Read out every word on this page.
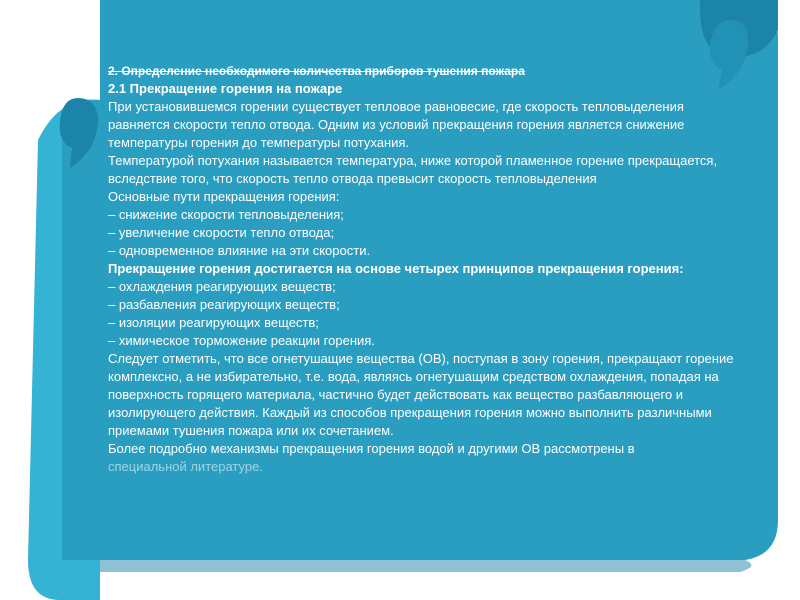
2. Определение необходимого количества приборов тушения пожара

2.1 Прекращение горения на пожаре

При установившемся горении существует тепловое равновесие, где скорость тепловыделения равняется скорости тепло отвода. Одним из условий прекращения горения является снижение температуры горения до температуры потухания.

Температурой потухания называется температура, ниже которой пламенное горение прекращается, вследствие того, что скорость тепло отвода превысит скорость тепловыделения

Основные пути прекращения горения:

– снижение скорости тепловыделения;

– увеличение скорости тепло отвода;

– одновременное влияние на эти скорости.

Прекращение горения достигается на основе четырех принципов прекращения горения:

– охлаждения реагирующих веществ;

– разбавления реагирующих веществ;

– изоляции реагирующих веществ;

– химическое торможение реакции горения.

Следует отметить, что все огнетушащие вещества (ОВ), поступая в зону горения, прекращают горение комплексно, а не избирательно, т.е. вода, являясь огнетушащим средством охлаждения, попадая на поверхность горящего материала, частично будет действовать как вещество разбавляющего и изолирующего действия. Каждый из способов прекращения горения можно выполнить различными приемами тушения пожара или их сочетанием.

Более подробно механизмы прекращения горения водой и другими ОВ рассмотрены в

специальной литературе.
